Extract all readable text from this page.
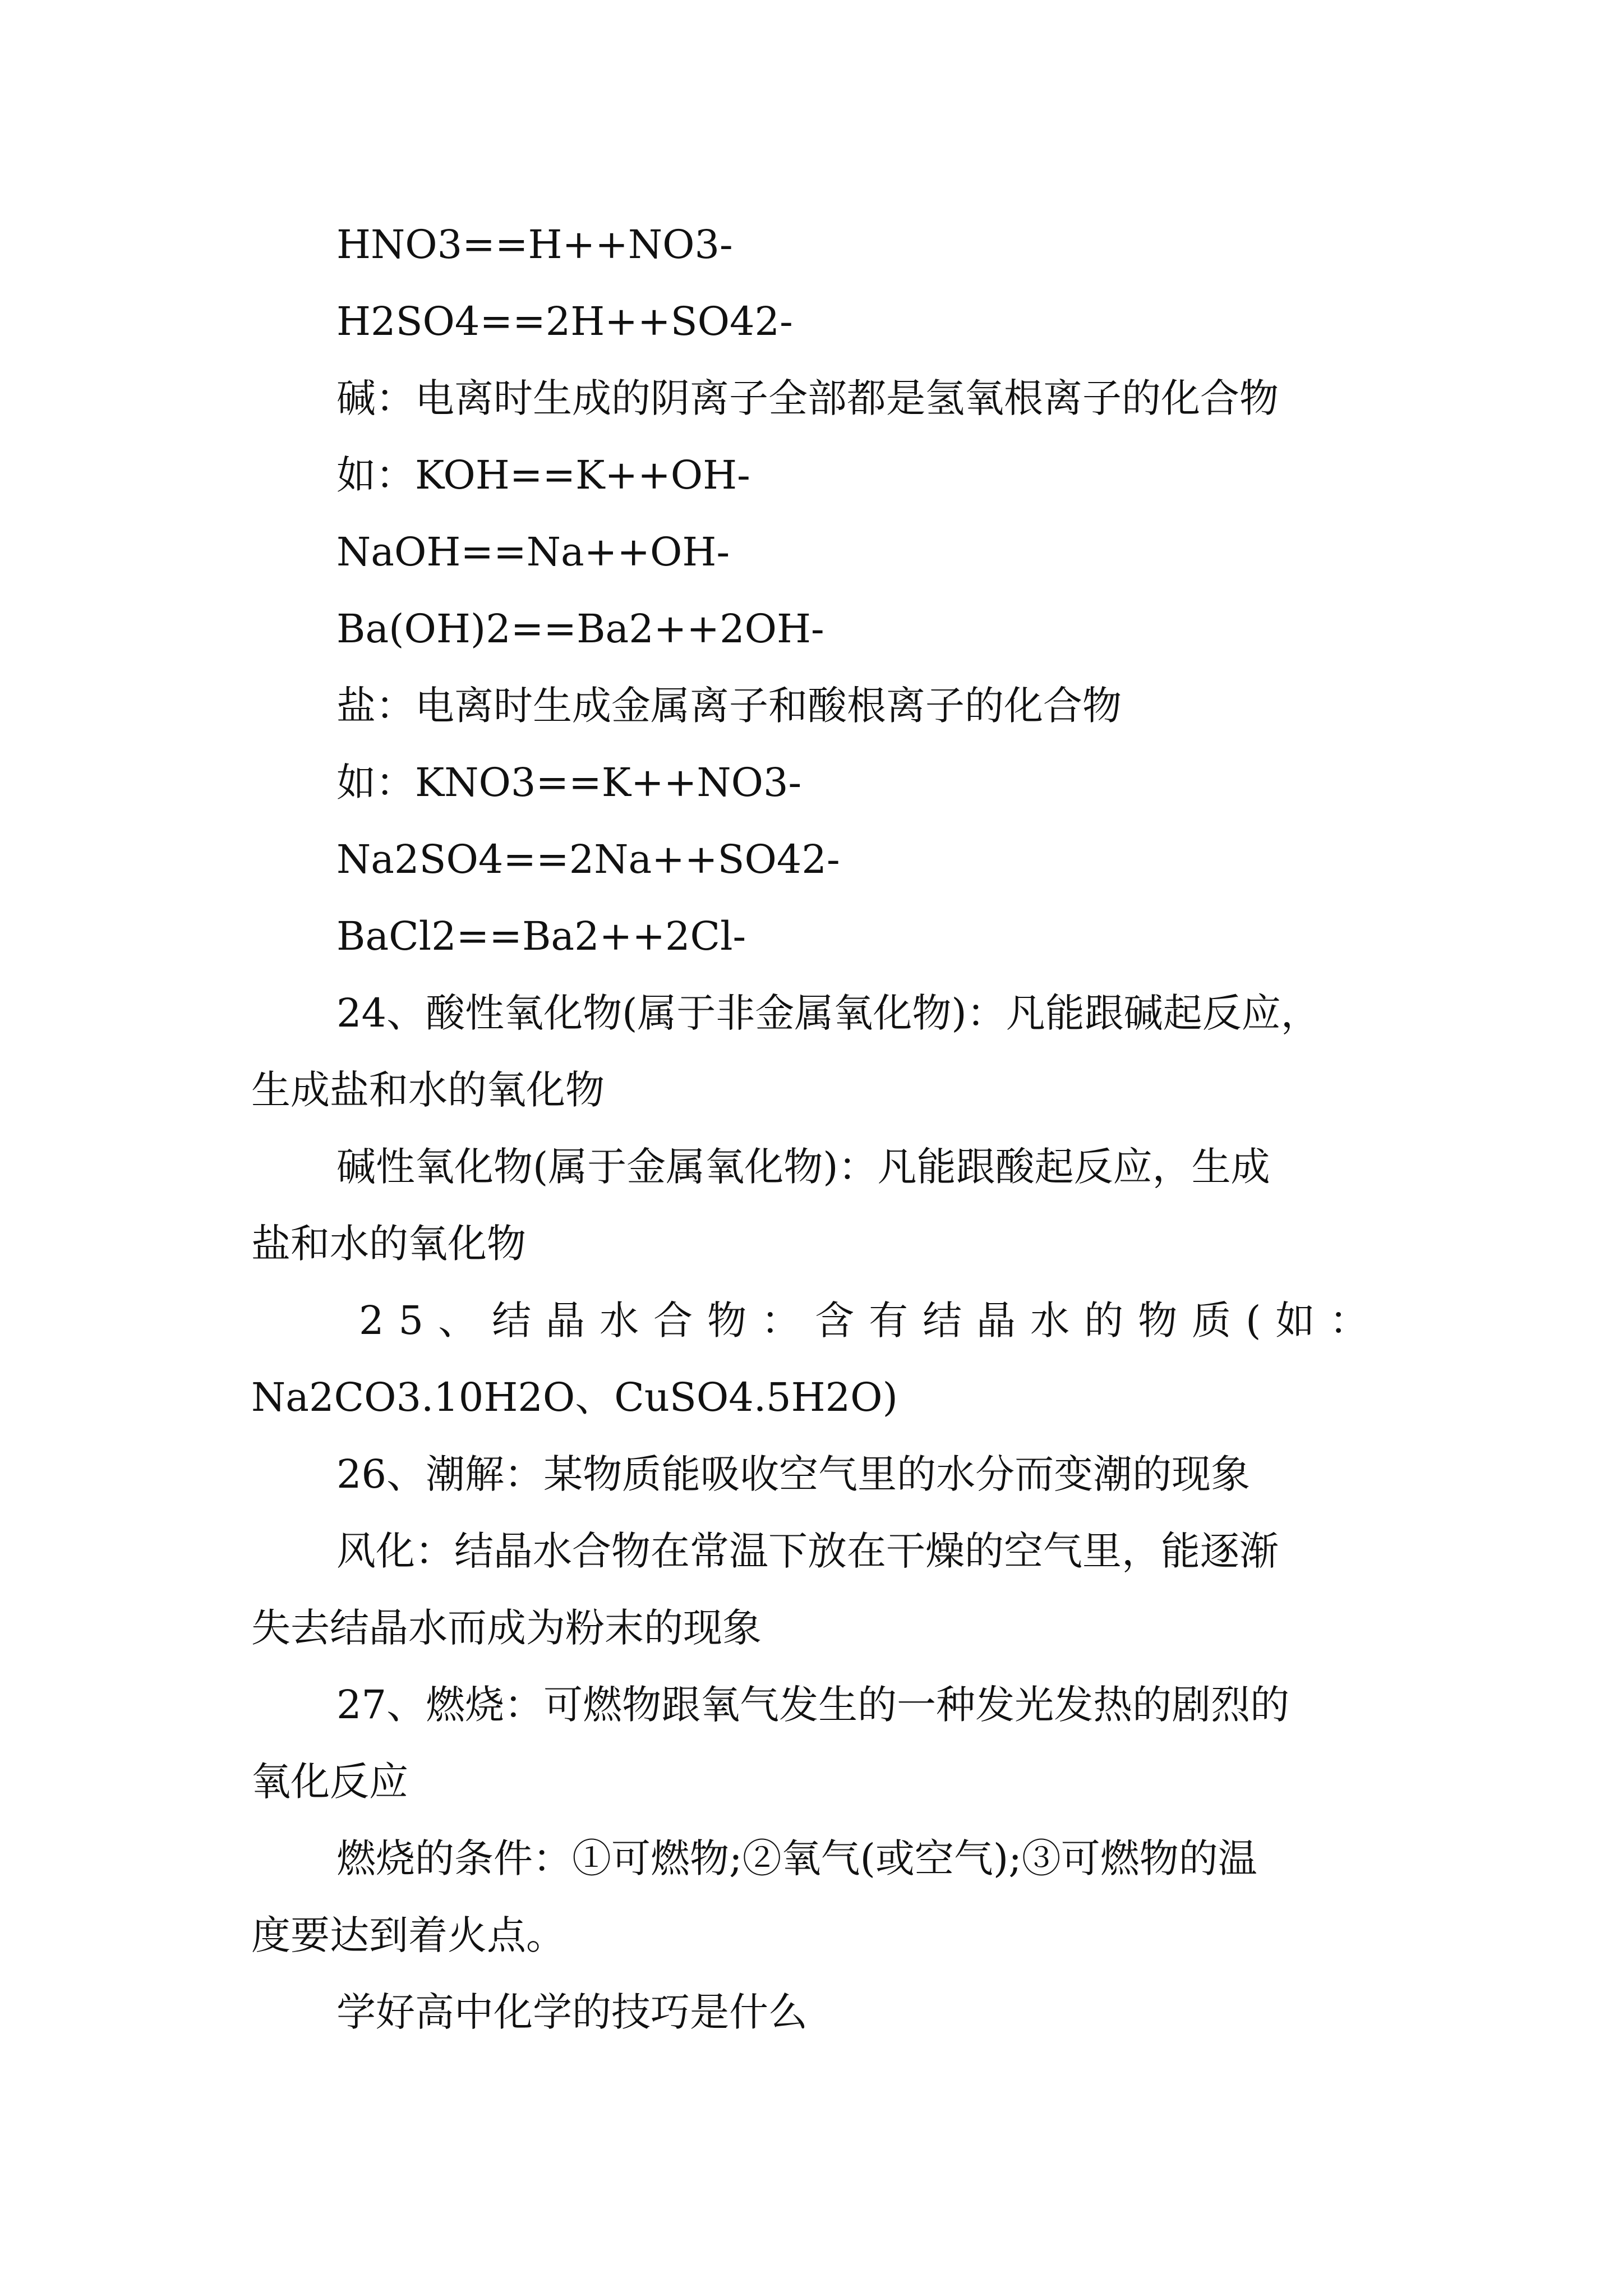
HNO3==H++NO3-
H2SO4==2H++SO42-
碱：电离时生成的阴离子全部都是氢氧根离子的化合物
如：KOH==K++OH-
NaOH==Na++OH-
Ba(OH)2==Ba2++2OH-
盐：电离时生成金属离子和酸根离子的化合物
如：KNO3==K++NO3-
Na2SO4==2Na++SO42-
BaCl2==Ba2++2Cl-
24、酸性氧化物(属于非金属氧化物)：凡能跟碱起反应，
生成盐和水的氧化物
碱性氧化物(属于金属氧化物)：凡能跟酸起反应，生成
盐和水的氧化物
25、结晶水合物：含有结晶水的物质(如：
Na2CO3.10H2O、CuSO4.5H2O)
26、潮解：某物质能吸收空气里的水分而变潮的现象
风化：结晶水合物在常温下放在干燥的空气里，能逐渐
失去结晶水而成为粉末的现象
27、燃烧：可燃物跟氧气发生的一种发光发热的剧烈的
氧化反应
燃烧的条件：①可燃物;②氧气(或空气);③可燃物的温
度要达到着火点。
学好高中化学的技巧是什么
